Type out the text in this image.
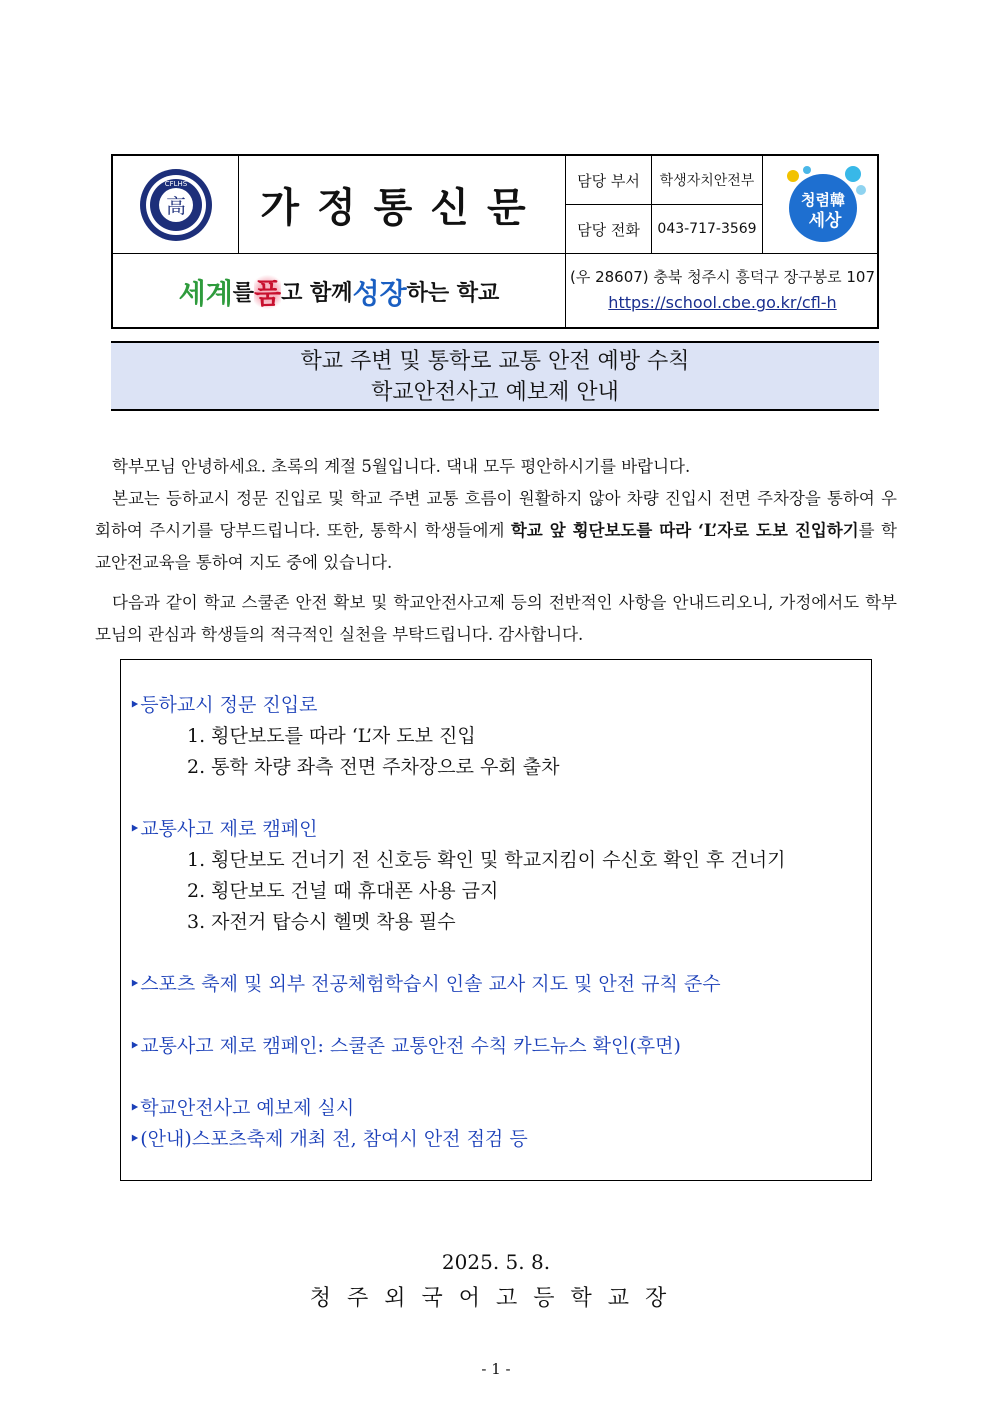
CFLHS
高	가정통신문
담당 부서	학생자치안전부
담당 전화	043-717-3569
청렴韓
세상
세계 를 품 고 함께 성장 하는 학교
(우 28607) 충북 청주시 흥덕구 장구봉로 107
https://school.cbe.go.kr/cfl-h
학교 주변 및 통학로 교통 안전 예방 수칙
학교안전사고 예보제 안내
학부모님 안녕하세요. 초록의 계절 5월입니다. 댁내 모두 평안하시기를 바랍니다.
본교는 등하교시 정문 진입로 및 학교 주변 교통 흐름이 원활하지 않아 차량 진입시 전면 주차장을 통하여 우회하여 주시기를 당부드립니다. 또한, 통학시 학생들에게 학교 앞 횡단보도를 따라 ‘L’자로 도보 진입하기를 학교안전교육을 통하여 지도 중에 있습니다.
다음과 같이 학교 스쿨존 안전 확보 및 학교안전사고제 등의 전반적인 사항을 안내드리오니, 가정에서도 학부모님의 관심과 학생들의 적극적인 실천을 부탁드립니다. 감사합니다.
‣등하교시 정문 진입로
1. 횡단보도를 따라 ‘L’자 도보 진입
2. 통학 차량 좌측 전면 주차장으로 우회 출차
‣교통사고 제로 캠페인
1. 횡단보도 건너기 전 신호등 확인 및 학교지킴이 수신호 확인 후 건너기
2. 횡단보도 건널 때 휴대폰 사용 금지
3. 자전거 탑승시 헬멧 착용 필수
‣스포츠 축제 및 외부 전공체험학습시 인솔 교사 지도 및 안전 규칙 준수
‣교통사고 제로 캠페인: 스쿨존 교통안전 수칙 카드뉴스 확인(후면)
‣학교안전사고 예보제 실시
‣(안내)스포츠축제 개최 전, 참여시 안전 점검 등
2025. 5. 8.
청주외국어고등학교장
- 1 -
